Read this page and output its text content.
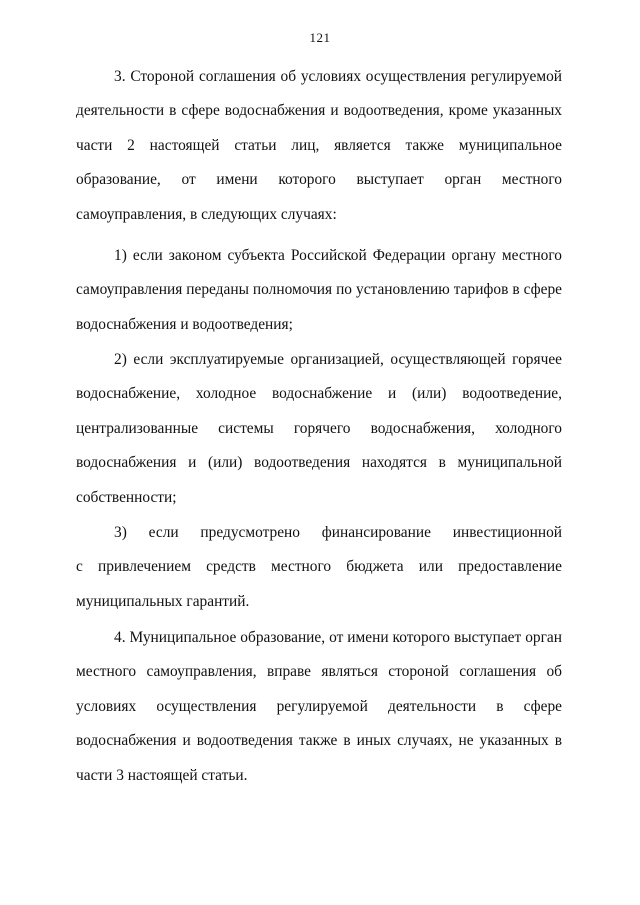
121
3. Стороной соглашения об условиях осуществления регулируемой
деятельности в сфере водоснабжения и водоотведения, кроме указанных
части 2 настоящей статьи лиц, является также муниципальное
образование, от имени которого выступает орган местного
самоуправления, в следующих случаях:
1) если законом субъекта Российской Федерации органу местного
самоуправления переданы полномочия по установлению тарифов в сфере
водоснабжения и водоотведения;
2) если эксплуатируемые организацией, осуществляющей горячее
водоснабжение, холодное водоснабжение и (или) водоотведение,
централизованные системы горячего водоснабжения, холодного
водоснабжения и (или) водоотведения находятся в муниципальной
собственности;
3) если предусмотрено финансирование инвестиционной
с привлечением средств местного бюджета или предоставление
муниципальных гарантий.
4. Муниципальное образование, от имени которого выступает орган
местного самоуправления, вправе являться стороной соглашения об
условиях осуществления регулируемой деятельности в сфере
водоснабжения и водоотведения также в иных случаях, не указанных в
части 3 настоящей статьи.
